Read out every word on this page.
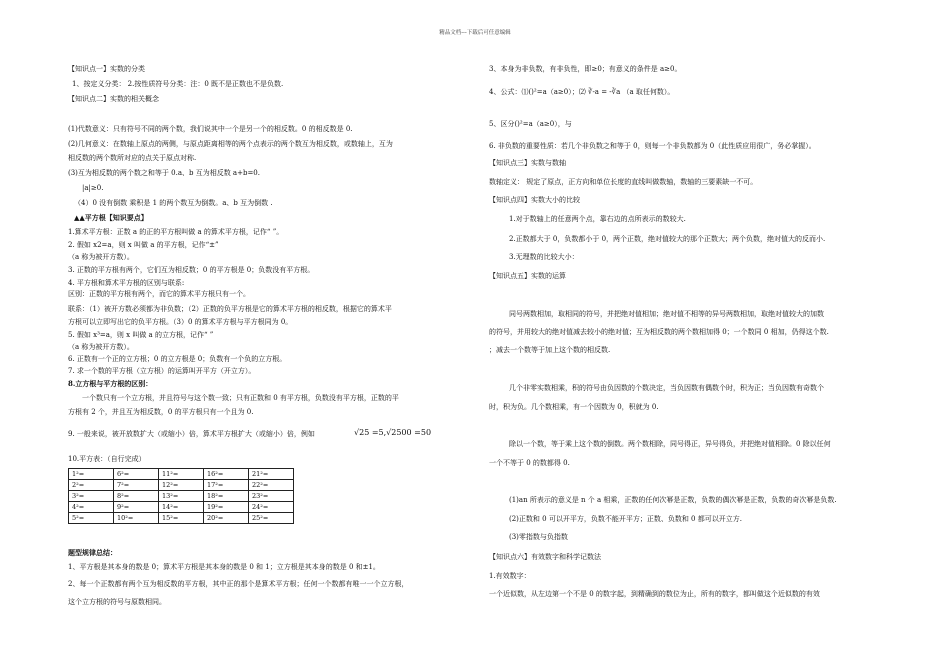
精品文档---下载后可任意编辑

【知识点一】实数的分类

1、按定义分类： 2.按性质符号分类：注：0 既不是正数也不是负数.

【知识点二】实数的相关概念

(1)代数意义：只有符号不同的两个数，我们说其中一个是另一个的相反数。0 的相反数是 0.

(2)几何意义：在数轴上原点的两侧，与原点距离相等的两个点表示的两个数互为相反数，或数轴上，互为

相反数的两个数所对应的点关于原点对称.

(3)互为相反数的两个数之和等于 0.a、b 互为相反数 a+b=0.

|a|≥0.

（4）0 没有倒数 乘积是 1 的两个数互为倒数。a、b 互为倒数 .

▲▲平方根【知识要点】

1.算术平方根：正数 a 的正的平方根叫做 a 的算术平方根，记作“ ”。

2. 假如 x2=a，则 x 叫做 a 的平方根，记作“±”

（a 称为被开方数）。

3. 正数的平方根有两个，它们互为相反数；0 的平方根是 0；负数没有平方根。

4. 平方根和算术平方根的区别与联系:

区别：正数的平方根有两个，而它的算术平方根只有一个。

联系：（1）被开方数必须都为非负数；（2）正数的负平方根是它的算术平方根的相反数，根据它的算术平

方根可以立即写出它的负平方根。（3）0 的算术平方根与平方根同为 0。

5. 假如 x³=a，则 x 叫做 a 的立方根，记作“ ”

（a 称为被开方数）。

6. 正数有一个正的立方根；0 的立方根是 0；负数有一个负的立方根。

7. 求一个数的平方根（立方根）的运算叫开平方（开立方）。

8.立方根与平方根的区别：

一个数只有一个立方根，并且符号与这个数一致；只有正数和 0 有平方根，负数没有平方根，正数的平

方根有 2 个，并且互为相反数，0 的平方根只有一个且为 0.

9. 一般来说，被开放数扩大（或缩小）倍，算术平方根扩大（或缩小）倍，例如	√25 =5,√2500 =50

10.平方表：（自行完成）

1²=	6²=	11²=	16²=	21²=
2²=	7²=	12²=	17²=	22²=
3²=	8²=	13²=	18²=	23²=
4²=	9²=	14²=	19²=	24²=
5²=	10²=	15²=	20²=	25²=

题型规律总结：

1、平方根是其本身的数是 0；算术平方根是其本身的数是 0 和 1；立方根是其本身的数是 0 和±1。

2、每一个正数都有两个互为相反数的平方根，其中正的那个是算术平方根；任何一个数都有唯一一个立方根，

这个立方根的符号与原数相同。

3、本身为非负数，有非负性，即≥0；有意义的条件是 a≥0。

4、公式：⑴()²=a（a≥0）；⑵ ∛-a = -∛a （a 取任何数）。

5、区分()²=a（a≥0），与

6. 非负数的重要性质：若几个非负数之和等于 0，则每一个非负数都为 0（此性质应用很广，务必掌握）。

【知识点三】实数与数轴

数轴定义： 规定了原点，正方向和单位长度的直线叫做数轴，数轴的三要素缺一不可。

【知识点四】实数大小的比较

1.对于数轴上的任意两个点，靠右边的点所表示的数较大.

2.正数都大于 0，负数都小于 0，两个正数，绝对值较大的那个正数大；两个负数，绝对值大的反而小.

3.无理数的比较大小：

【知识点五】实数的运算

同号两数相加，取相同的符号，并把绝对值相加；绝对值不相等的异号两数相加，取绝对值较大的加数

的符号，并用较大的绝对值减去较小的绝对值；互为相反数的两个数相加得 0；一个数同 0 相加，仍得这个数.

；减去一个数等于加上这个数的相反数.

几个非零实数相乘，积的符号由负因数的个数决定，当负因数有偶数个时，积为正；当负因数有奇数个

时，积为负。几个数相乘，有一个因数为 0，积就为 0.

除以一个数，等于乘上这个数的倒数。两个数相除，同号得正，异号得负，并把绝对值相除。0 除以任何

一个不等于 0 的数都得 0.

(1)an 所表示的意义是 n 个 a 相乘，正数的任何次幂是正数，负数的偶次幂是正数，负数的奇次幂是负数.

(2)正数和 0 可以开平方，负数不能开平方；正数、负数和 0 都可以开立方.

(3)零指数与负指数

【知识点六】有效数字和科学记数法

1.有效数字：

一个近似数，从左边第一个不是 0 的数字起，到精确到的数位为止，所有的数字，都叫做这个近似数的有效
